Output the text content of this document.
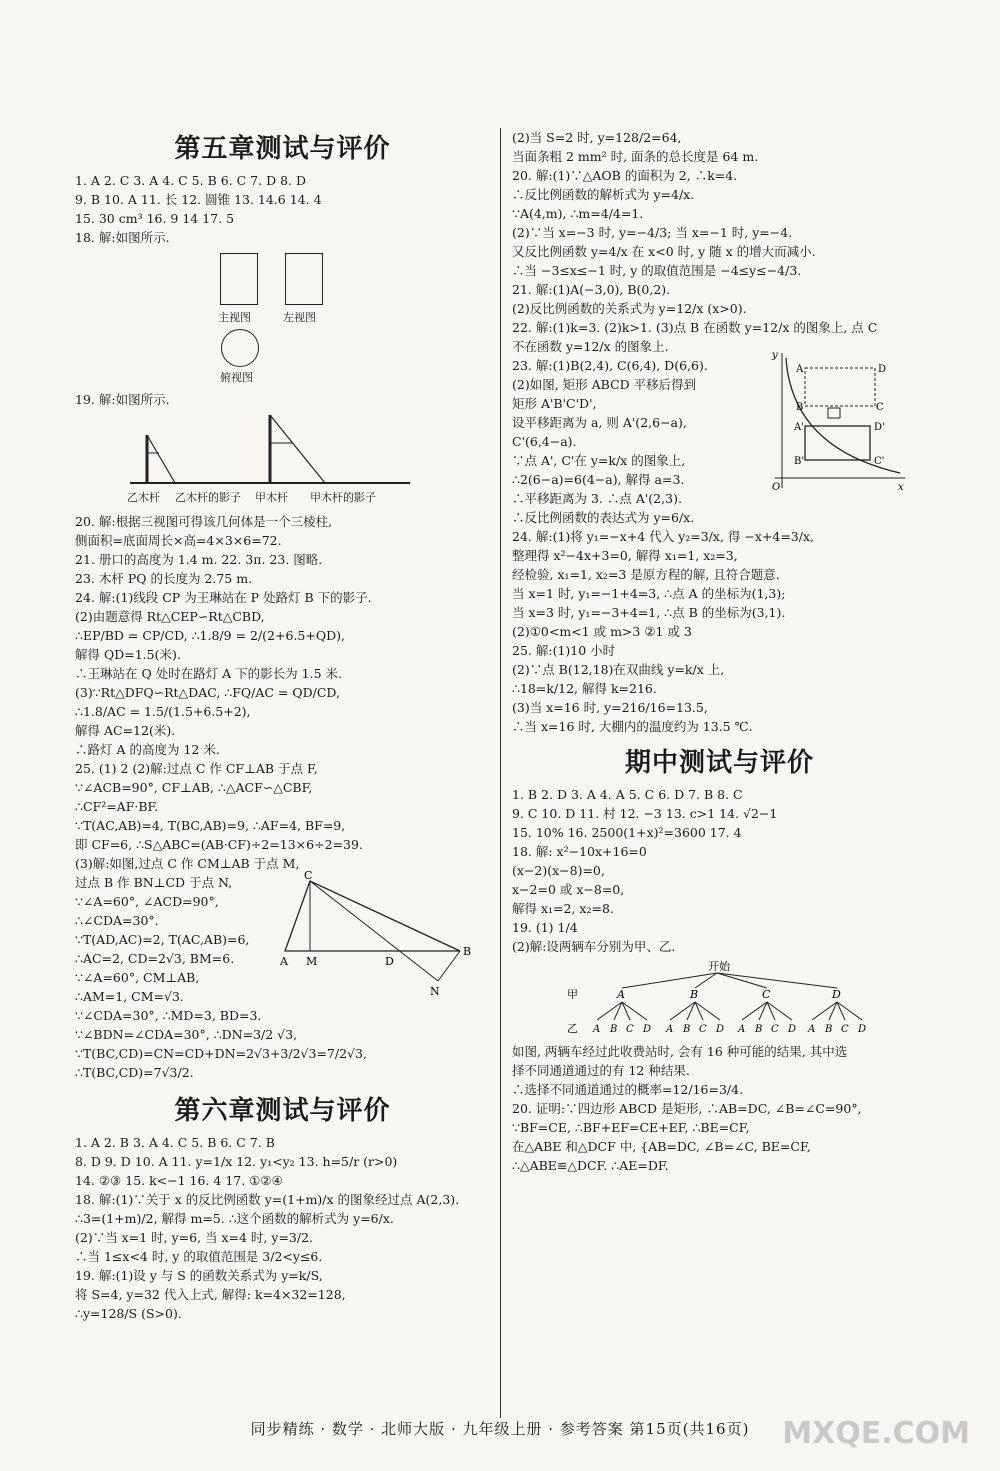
第五章测试与评价
1. A 2. C 3. A 4. C 5. B 6. C 7. D 8. D
9. B 10. A 11. 长 12. 圆锥 13. 14.6 14. 4
15. 30 cm³ 16. 9 14 17. 5
18. 解:如图所示.
主视图	左视图
俯视图
19. 解:如图所示.
乙木杆 乙木杆的影子 甲木杆 甲木杆的影子
20. 解:根据三视图可得该几何体是一个三棱柱,
侧面积=底面周长×高=4×3×6=72.
21. 册口的高度为 1.4 m. 22. 3π. 23. 图略.
23. 木杆 PQ 的长度为 2.75 m.
24. 解:(1)线段 CP 为王琳站在 P 处路灯 B 下的影子.
(2)由题意得 Rt△CEP∽Rt△CBD,
∴EP/BD = CP/CD, ∴1.8/9 = 2/(2+6.5+QD),
解得 QD=1.5(米).
∴王琳站在 Q 处时在路灯 A 下的影长为 1.5 米.
(3)∵Rt△DFQ∽Rt△DAC, ∴FQ/AC = QD/CD,
∴1.8/AC = 1.5/(1.5+6.5+2),
解得 AC=12(米).
∴路灯 A 的高度为 12 米.
25. (1) 2 (2)解:过点 C 作 CF⊥AB 于点 F,
∵∠ACB=90°, CF⊥AB, ∴△ACF∽△CBF,
∴CF²=AF·BF.
∵T(AC,AB)=4, T(BC,AB)=9, ∴AF=4, BF=9,
即 CF=6, ∴S△ABC=(AB·CF)÷2=13×6÷2=39.
(3)解:如图,过点 C 作 CM⊥AB 于点 M,
过点 B 作 BN⊥CD 于点 N,
∵∠A=60°, ∠ACD=90°,
∴∠CDA=30°.
∵T(AD,AC)=2, T(AC,AB)=6,
∴AC=2, CD=2√3, BM=6.
∵∠A=60°, CM⊥AB,
∴AM=1, CM=√3.
∵∠CDA=30°, ∴MD=3, BD=3.
∵∠BDN=∠CDA=30°, ∴DN=3/2 √3,
∵T(BC,CD)=CN=CD+DN=2√3+3/2√3=7/2√3,
∴T(BC,CD)=7√3/2.
C
A M	D
B
N
第六章测试与评价
1. A 2. B 3. A 4. C 5. B 6. C 7. B
8. D 9. D 10. A 11. y=1/x 12. y₁<y₂ 13. h=5/r (r>0)
14. ②③ 15. k<−1 16. 4 17. ①②④
18. 解:(1)∵关于 x 的反比例函数 y=(1+m)/x 的图象经过点 A(2,3).
∴3=(1+m)/2, 解得 m=5. ∴这个函数的解析式为 y=6/x.
(2)∵当 x=1 时, y=6, 当 x=4 时, y=3/2.
∴当 1≤x<4 时, y 的取值范围是 3/2<y≤6.
19. 解:(1)设 y 与 S 的函数关系式为 y=k/S,
将 S=4, y=32 代入上式, 解得: k=4×32=128,
∴y=128/S (S>0).
(2)当 S=2 时, y=128/2=64,
当面条粗 2 mm² 时, 面条的总长度是 64 m.
20. 解:(1)∵△AOB 的面积为 2, ∴k=4.
∴反比例函数的解析式为 y=4/x.
∵A(4,m), ∴m=4/4=1.
(2)∵当 x=−3 时, y=−4/3; 当 x=−1 时, y=−4.
又反比例函数 y=4/x 在 x<0 时, y 随 x 的增大而减小.
∴当 −3≤x≤−1 时, y 的取值范围是 −4≤y≤−4/3.
21. 解:(1)A(−3,0), B(0,2).
(2)反比例函数的关系式为 y=12/x (x>0).
22. 解:(1)k=3. (2)k>1. (3)点 B 在函数 y=12/x 的图象上, 点 C
不在函数 y=12/x 的图象上.
23. 解:(1)B(2,4), C(6,4), D(6,6).
(2)如图, 矩形 ABCD 平移后得到
矩形 A'B'C'D',
设平移距离为 a, 则 A'(2,6−a),
C'(6,4−a).
∵点 A', C'在 y=k/x 的图象上,
∴2(6−a)=6(4−a), 解得 a=3.
∴平移距离为 3. ∴点 A'(2,3).
∴反比例函数的表达式为 y=6/x.
y
A	D
B	C
A'	D'
B'	C'
O	x
24. 解:(1)将 y₁=−x+4 代入 y₂=3/x, 得 −x+4=3/x,
整理得 x²−4x+3=0, 解得 x₁=1, x₂=3,
经检验, x₁=1, x₂=3 是原方程的解, 且符合题意.
当 x=1 时, y₁=−1+4=3, ∴点 A 的坐标为(1,3);
当 x=3 时, y₁=−3+4=1, ∴点 B 的坐标为(3,1).
(2)①0<m<1 或 m>3 ②1 或 3
25. 解:(1)10 小时
(2)∵点 B(12,18)在双曲线 y=k/x 上,
∴18=k/12, 解得 k=216.
(3)当 x=16 时, y=216/16=13.5,
∴当 x=16 时, 大棚内的温度约为 13.5 ℃.
期中测试与评价
1. B 2. D 3. A 4. A 5. C 6. D 7. B 8. C
9. C 10. D 11. 村 12. −3 13. c>1 14. √2−1
15. 10% 16. 2500(1+x)²=3600 17. 4
18. 解: x²−10x+16=0
(x−2)(x−8)=0,
x−2=0 或 x−8=0,
解得 x₁=2, x₂=8.
19. (1) 1/4
(2)解:设两辆车分别为甲、乙.
开始
甲	A	B	C	D
乙 A B C D A B C D A B C D A B C D
如图, 两辆车经过此收费站时, 会有 16 种可能的结果, 其中选
择不同通道通过的有 12 种结果.
∴选择不同通道通过的概率=12/16=3/4.
20. 证明:∵四边形 ABCD 是矩形, ∴AB=DC, ∠B=∠C=90°,
∵BF=CE, ∴BF+EF=CE+EF, ∴BE=CF,
在△ABE 和△DCF 中, {AB=DC, ∠B=∠C, BE=CF,
∴△ABE≌△DCF. ∴AE=DF.
同步精练 · 数学 · 北师大版 · 九年级上册 · 参考答案 第15页(共16页)	MXQE.COM
